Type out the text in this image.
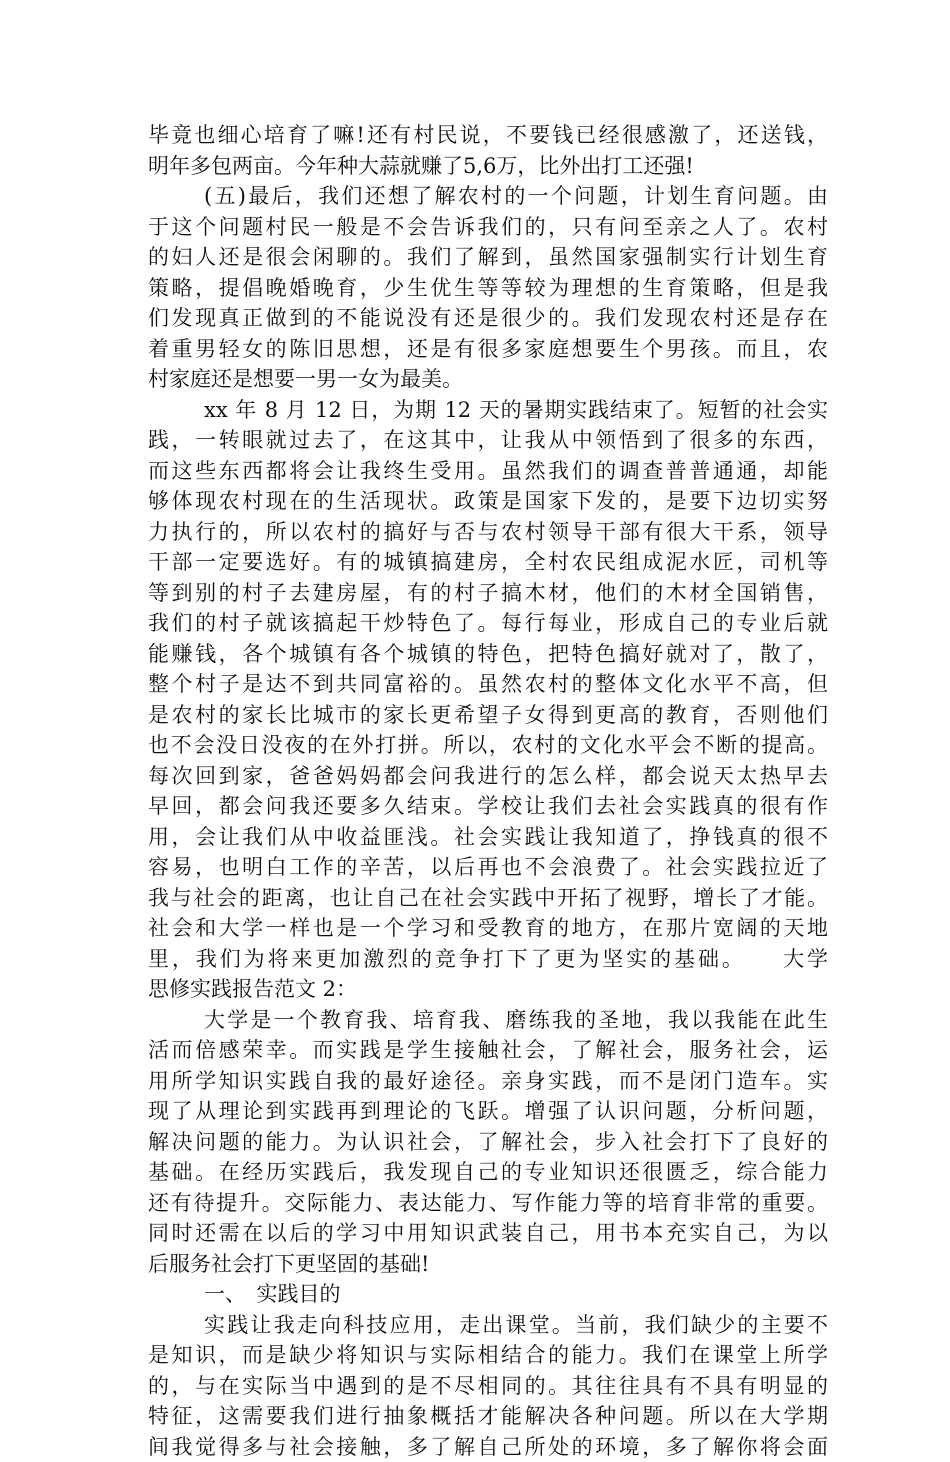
毕竟也细心培育了嘛!还有村民说，不要钱已经很感激了，还送钱，
明年多包两亩。今年种大蒜就赚了5,6万，比外出打工还强!
(五)最后，我们还想了解农村的一个问题，计划生育问题。由
于这个问题村民一般是不会告诉我们的，只有问至亲之人了。农村
的妇人还是很会闲聊的。我们了解到，虽然国家强制实行计划生育
策略，提倡晚婚晚育，少生优生等等较为理想的生育策略，但是我
们发现真正做到的不能说没有还是很少的。我们发现农村还是存在
着重男轻女的陈旧思想，还是有很多家庭想要生个男孩。而且，农
村家庭还是想要一男一女为最美。
xx 年 8 月 12 日，为期 12 天的暑期实践结束了。短暂的社会实
践，一转眼就过去了，在这其中，让我从中领悟到了很多的东西，
而这些东西都将会让我终生受用。虽然我们的调查普普通通，却能
够体现农村现在的生活现状。政策是国家下发的，是要下边切实努
力执行的，所以农村的搞好与否与农村领导干部有很大干系，领导
干部一定要选好。有的城镇搞建房，全村农民组成泥水匠，司机等
等到别的村子去建房屋，有的村子搞木材，他们的木材全国销售，
我们的村子就该搞起干炒特色了。每行每业，形成自己的专业后就
能赚钱，各个城镇有各个城镇的特色，把特色搞好就对了，散了，
整个村子是达不到共同富裕的。虽然农村的整体文化水平不高，但
是农村的家长比城市的家长更希望子女得到更高的教育，否则他们
也不会没日没夜的在外打拼。所以，农村的文化水平会不断的提高。
每次回到家，爸爸妈妈都会问我进行的怎么样，都会说天太热早去
早回，都会问我还要多久结束。学校让我们去社会实践真的很有作
用，会让我们从中收益匪浅。社会实践让我知道了，挣钱真的很不
容易，也明白工作的辛苦，以后再也不会浪费了。社会实践拉近了
我与社会的距离，也让自己在社会实践中开拓了视野，增长了才能。
社会和大学一样也是一个学习和受教育的地方，在那片宽阔的天地
里，我们为将来更加激烈的竞争打下了更为坚实的基础。　　大学
思修实践报告范文 2：
大学是一个教育我、培育我、磨练我的圣地，我以我能在此生
活而倍感荣幸。而实践是学生接触社会，了解社会，服务社会，运
用所学知识实践自我的最好途径。亲身实践，而不是闭门造车。实
现了从理论到实践再到理论的飞跃。增强了认识问题，分析问题，
解决问题的能力。为认识社会，了解社会，步入社会打下了良好的
基础。在经历实践后，我发现自己的专业知识还很匮乏，综合能力
还有待提升。交际能力、表达能力、写作能力等的培育非常的重要。
同时还需在以后的学习中用知识武装自己，用书本充实自己，为以
后服务社会打下更坚固的基础!
一、　实践目的
实践让我走向科技应用，走出课堂。当前，我们缺少的主要不
是知识，而是缺少将知识与实际相结合的能力。我们在课堂上所学
的，与在实际当中遇到的是不尽相同的。其往往具有不具有明显的
特征，这需要我们进行抽象概括才能解决各种问题。所以在大学期
间我觉得多与社会接触，多了解自己所处的环境，多了解你将会面
